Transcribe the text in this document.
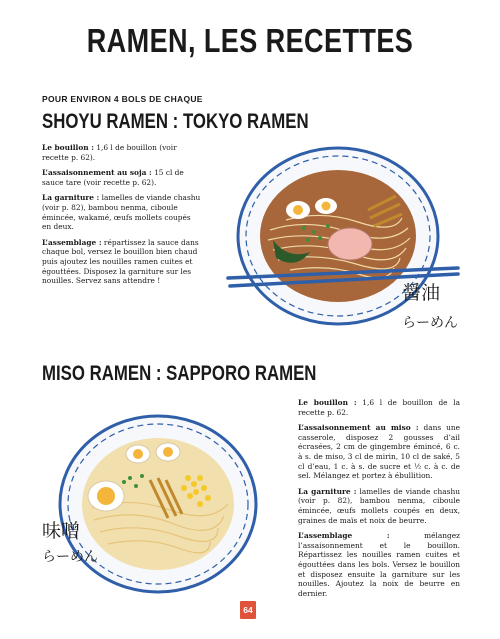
RAMEN, LES RECETTES
POUR ENVIRON 4 BOLS DE CHAQUE
SHOYU RAMEN : TOKYO RAMEN

Le bouillon : 1,6 l de bouillon (voir recette p. 62).

L’assaisonnement au soja : 15 cl de sauce tare (voir recette p. 62).

La garniture : lamelles de viande chashu (voir p. 82), bambou nenma, ciboule émincée, wakamé, œufs mollets coupés en deux.

L’assemblage : répartissez la sauce dans chaque bol, versez le bouillon bien chaud puis ajoutez les nouilles ramen cuites et égouttées. Disposez la garniture sur les nouilles. Servez sans attendre !

醤油
らーめん
MISO RAMEN : SAPPORO RAMEN
味噌
らーめん

Le bouillon : 1,6 l de bouillon de la recette p. 62.

L’assaisonnement au miso : dans une casserole, disposez 2 gousses d’ail écrasées, 2 cm de gingembre émincé, 6 c. à s. de miso, 3 cl de mirin, 10 cl de saké, 5 cl d’eau, 1 c. à s. de sucre et ½ c. à c. de sel. Mélangez et portez à ébullition.

La garniture : lamelles de viande chashu (voir p. 82), bambou nenma, ciboule émincée, œufs mollets coupés en deux, graines de maïs et noix de beurre.

L’assemblage : mélangez l’assaisonnement et le bouillon. Répartissez les nouilles ramen cuites et égouttées dans les bols. Versez le bouillon et disposez ensuite la garniture sur les nouilles. Ajoutez la noix de beurre en dernier.

64
